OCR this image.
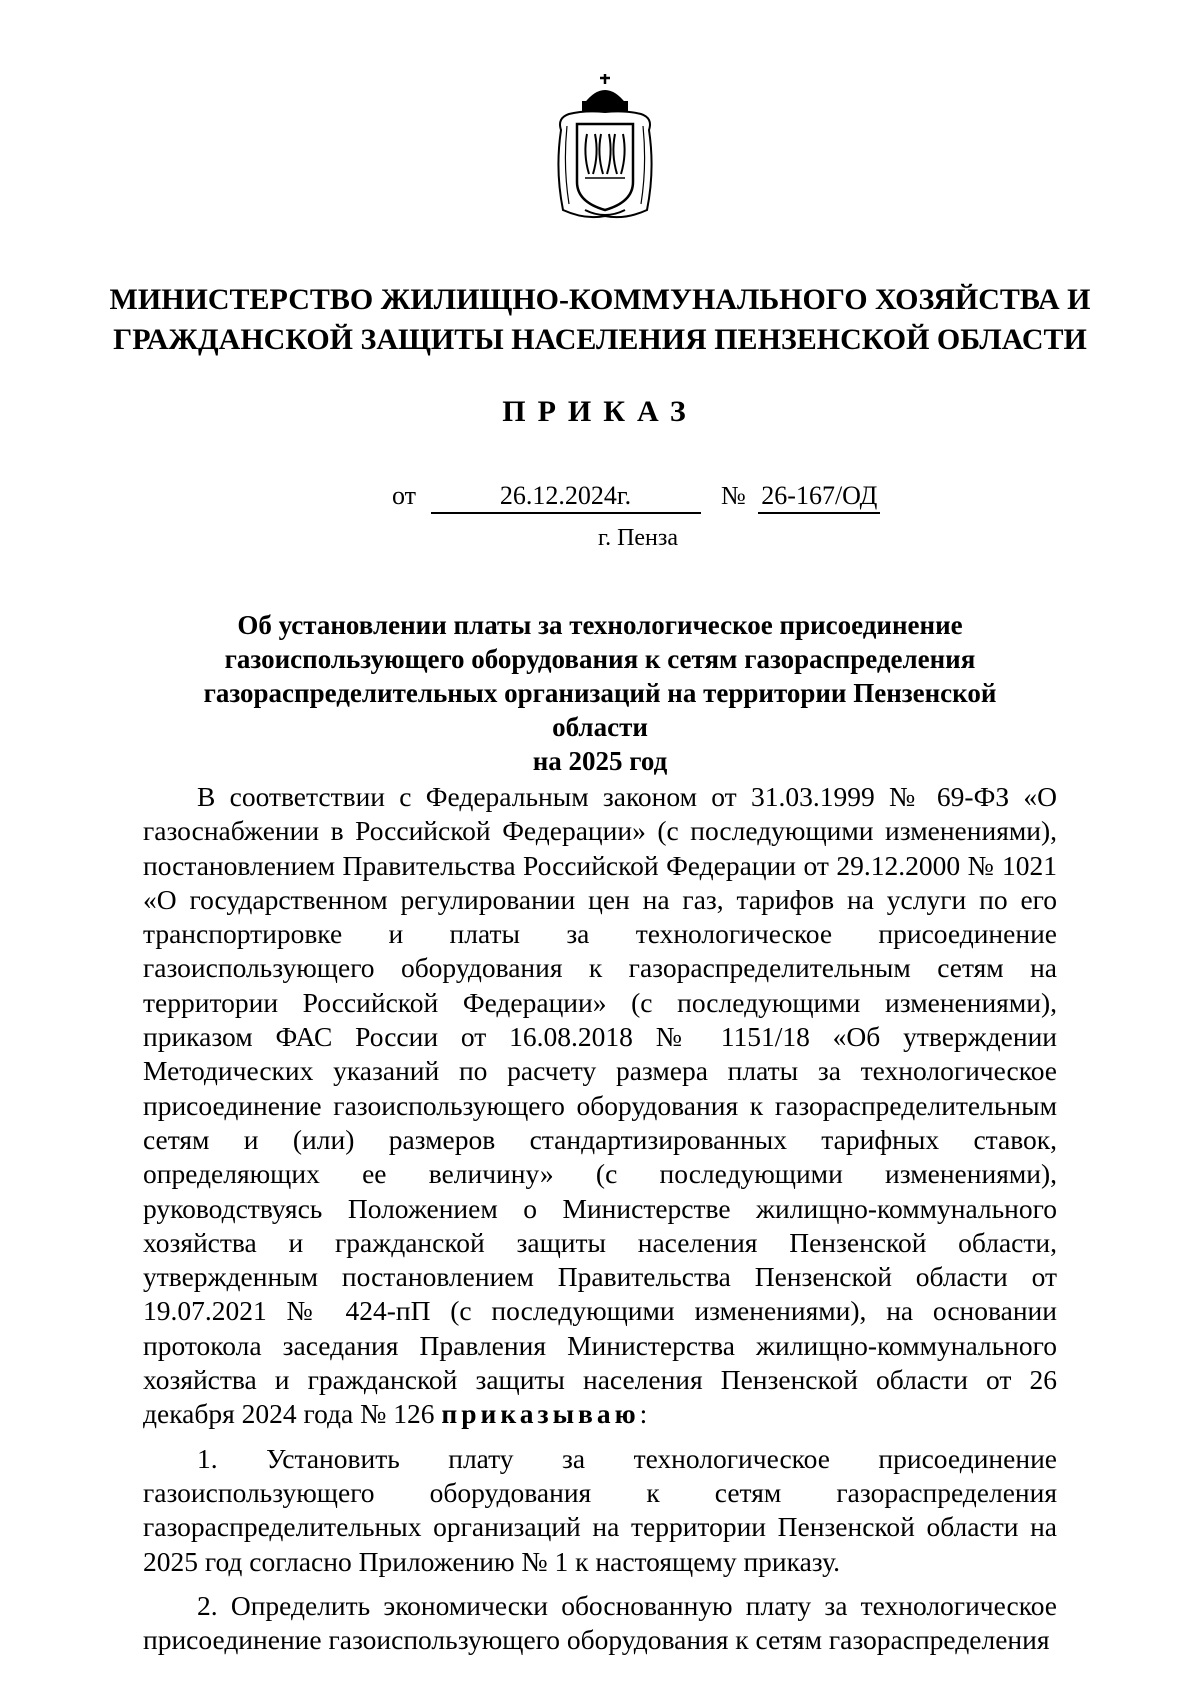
МИНИСТЕРСТВО ЖИЛИЩНО-КОММУНАЛЬНОГО ХОЗЯЙСТВА И
ГРАЖДАНСКОЙ ЗАЩИТЫ НАСЕЛЕНИЯ ПЕНЗЕНСКОЙ ОБЛАСТИ
ПРИКАЗ
от	26.12.2024г.	№ 26-167/ОД
г. Пенза
Об установлении платы за технологическое присоединение
газоиспользующего оборудования к сетям газораспределения
газораспределительных организаций на территории Пензенской области
на 2025 год

В соответствии с Федеральным законом от 31.03.1999 № 69-ФЗ «О газоснабжении в Российской Федерации» (с последующими изменениями), постановлением Правительства Российской Федерации от 29.12.2000 № 1021 «О государственном регулировании цен на газ, тарифов на услуги по его транспортировке и платы за технологическое присоединение газоиспользующего оборудования к газораспределительным сетям на территории Российской Федерации» (с последующими изменениями), приказом ФАС России от 16.08.2018 № 1151/18 «Об утверждении Методических указаний по расчету размера платы за технологическое присоединение газоиспользующего оборудования к газораспределительным сетям и (или) размеров стандартизированных тарифных ставок, определяющих ее величину» (с последующими изменениями), руководствуясь Положением о Министерстве жилищно-коммунального хозяйства и гражданской защиты населения Пензенской области, утвержденным постановлением Правительства Пензенской области от 19.07.2021 № 424-пП (с последующими изменениями), на основании протокола заседания Правления Министерства жилищно-коммунального хозяйства и гражданской защиты населения Пензенской области от 26 декабря 2024 года № 126 приказываю:

1. Установить плату за технологическое присоединение газоиспользующего оборудования к сетям газораспределения газораспределительных организаций на территории Пензенской области на 2025 год согласно Приложению № 1 к настоящему приказу.

2. Определить экономически обоснованную плату за технологическое присоединение газоиспользующего оборудования к сетям газораспределения
